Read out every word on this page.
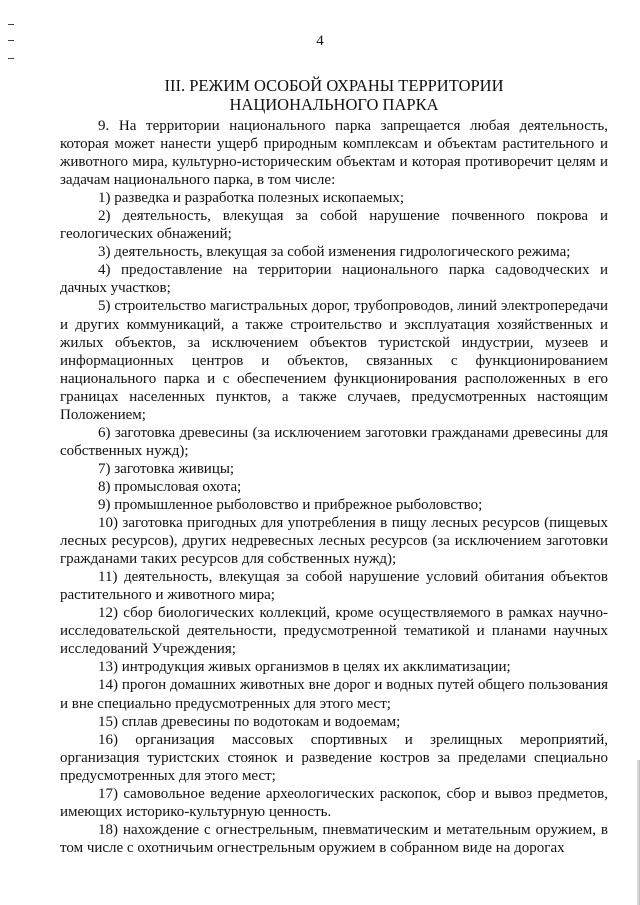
4
III. РЕЖИМ ОСОБОЙ ОХРАНЫ ТЕРРИТОРИИ
НАЦИОНАЛЬНОГО ПАРКА

9. На территории национального парка запрещается любая деятельность, которая может нанести ущерб природным комплексам и объектам растительного и животного мира, культурно-историческим объектам и которая противоречит целям и задачам национального парка, в том числе:

1) разведка и разработка полезных ископаемых;

2) деятельность, влекущая за собой нарушение почвенного покрова и геологических обнажений;

3) деятельность, влекущая за собой изменения гидрологического режима;

4) предоставление на территории национального парка садоводческих и дачных участков;

5) строительство магистральных дорог, трубопроводов, линий электропередачи и других коммуникаций, а также строительство и эксплуатация хозяйственных и жилых объектов, за исключением объектов туристской индустрии, музеев и информационных центров и объектов, связанных с функционированием национального парка и с обеспечением функционирования расположенных в его границах населенных пунктов, а также случаев, предусмотренных настоящим Положением;

6) заготовка древесины (за исключением заготовки гражданами древесины для собственных нужд);

7) заготовка живицы;

8) промысловая охота;

9) промышленное рыболовство и прибрежное рыболовство;

10) заготовка пригодных для употребления в пищу лесных ресурсов (пищевых лесных ресурсов), других недревесных лесных ресурсов (за исключением заготовки гражданами таких ресурсов для собственных нужд);

11) деятельность, влекущая за собой нарушение условий обитания объектов растительного и животного мира;

12) сбор биологических коллекций, кроме осуществляемого в рамках научно-исследовательской деятельности, предусмотренной тематикой и планами научных исследований Учреждения;

13) интродукция живых организмов в целях их акклиматизации;

14) прогон домашних животных вне дорог и водных путей общего пользования и вне специально предусмотренных для этого мест;

15) сплав древесины по водотокам и водоемам;

16) организация массовых спортивных и зрелищных мероприятий, организация туристских стоянок и разведение костров за пределами специально предусмотренных для этого мест;

17) самовольное ведение археологических раскопок, сбор и вывоз предметов, имеющих историко-культурную ценность.

18) нахождение с огнестрельным, пневматическим и метательным оружием, в том числе с охотничьим огнестрельным оружием в собранном виде на дорогах
